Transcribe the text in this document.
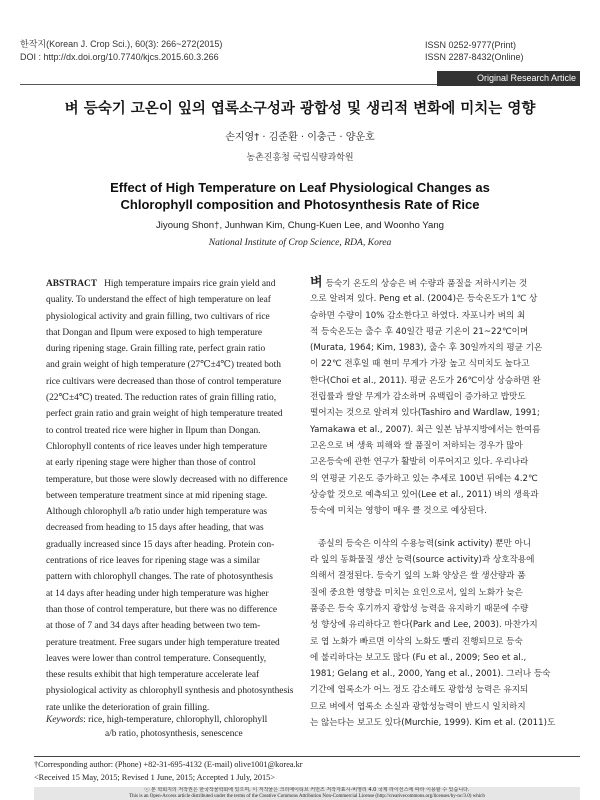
한작지(Korean J. Crop Sci.), 60(3): 266~272(2015)
DOI : http://dx.doi.org/10.7740/kjcs.2015.60.3.266
ISSN 0252-9777(Print)
ISSN 2287-8432(Online)
Original Research Article
벼 등숙기 고온이 잎의 엽록소구성과 광합성 및 생리적 변화에 미치는 영향
손지영† · 김준환 · 이충근 · 양운호
농촌진흥청 국립식량과학원
Effect of High Temperature on Leaf Physiological Changes as
Chlorophyll composition and Photosynthesis Rate of Rice
Jiyoung Shon†, Junhwan Kim, Chung-Kuen Lee, and Woonho Yang
National Institute of Crop Science, RDA, Korea

ABSTRACT High temperature impairs rice grain yield and

quality. To understand the effect of high temperature on leaf
physiological activity and grain filling, two cultivars of rice
that Dongan and Ilpum were exposed to high temperature
during ripening stage. Grain filling rate, perfect grain ratio
and grain weight of high temperature (27℃±4℃) treated both
rice cultivars were decreased than those of control temperature
(22℃±4℃) treated. The reduction rates of grain filling ratio,
perfect grain ratio and grain weight of high temperature treated
to control treated rice were higher in Ilpum than Dongan.
Chlorophyll contents of rice leaves under high temperature
at early ripening stage were higher than those of control
temperature, but those were slowly decreased with no difference
between temperature treatment since at mid ripening stage.
Although chlorophyll a/b ratio under high temperature was
decreased from heading to 15 days after heading, that was
gradually increased since 15 days after heading. Protein con-
centrations of rice leaves for ripening stage was a similar
pattern with chlorophyll changes. The rate of photosynthesis
at 14 days after heading under high temperature was higher
than those of control temperature, but there was no difference
at those of 7 and 34 days after heading between two tem-
perature treatment. Free sugars under high temperature treated
leaves were lower than control temperature. Consequently,
these results exhibit that high temperature accelerate leaf
physiological activity as chlorophyll synthesis and photosynthesis
rate unlike the deterioration of grain filling.
Keywords: rice, high-temperature, chlorophyll, chlorophyll
a/b ratio, photosynthesis, senescence
벼등숙기 온도의 상승은 벼 수량과 품질을 저하시키는 것
으로 알려져 있다. Peng et al. (2004)은 등숙온도가 1℃ 상
승하면 수량이 10% 감소한다고 하였다. 자포니카 벼의 최
적 등숙온도는 출수 후 40일간 평균 기온이 21~22℃이며
(Murata, 1964; Kim, 1983), 출수 후 30일까지의 평균 기온
이 22℃ 전후일 때 현미 무게가 가장 높고 식미치도 높다고
한다(Choi et al., 2011). 평균 온도가 26℃이상 상승하면 완
전립률과 쌀알 무게가 감소하며 유백립이 증가하고 밥맛도
떨어지는 것으로 알려져 있다(Tashiro and Wardlaw, 1991;
Yamakawa et al., 2007). 최근 일본 남부지방에서는 한여름
고온으로 벼 생육 피해와 쌀 품질이 저하되는 경우가 많아
고온등숙에 관한 연구가 활발히 이루어지고 있다. 우리나라
의 연평균 기온도 증가하고 있는 추세로 100년 뒤에는 4.2℃
상승할 것으로 예측되고 있어(Lee et al., 2011) 벼의 생육과
등숙에 미치는 영향이 매우 클 것으로 예상된다.
종실의 등숙은 이삭의 수용능력(sink activity) 뿐만 아니
라 잎의 동화물질 생산 능력(source activity)과 상호작용에
의해서 결정된다. 등숙기 잎의 노화 양상은 쌀 생산량과 품
질에 중요한 영향을 미치는 요인으로서, 잎의 노화가 늦은
품종은 등숙 후기까지 광합성 능력을 유지하기 때문에 수량
성 향상에 유리하다고 한다(Park and Lee, 2003). 마찬가지
로 엽 노화가 빠르면 이삭의 노화도 빨리 진행되므로 등숙
에 불리하다는 보고도 많다 (Fu et al., 2009; Seo et al.,
1981; Gelang et al., 2000, Yang et al., 2001). 그러나 등숙
기간에 엽록소가 어느 정도 감소해도 광합성 능력은 유지되
므로 벼에서 엽록소 소실과 광합성능력이 반드시 일치하지
는 않는다는 보고도 있다(Murchie, 1999). Kim et al. (2011)도
†Corresponding author: (Phone) +82-31-695-4132 (E-mail) olive1001@korea.kr
<Received 15 May, 2015; Revised 1 June, 2015; Accepted 1 July, 2015>
ⓒ 본 학회지의 저작권은 한국작물학회에 있으며, 이 저작물은 크리에이티브 커먼즈 저작자표시-비영리 4.0 국제 라이선스에 따라 이용할 수 있습니다.
This is an Open-Access article distributed under the terms of the Creative Commons Attribution Non-Commercial License (http://creativecommons.org/licenses/by-nc/3.0) which
